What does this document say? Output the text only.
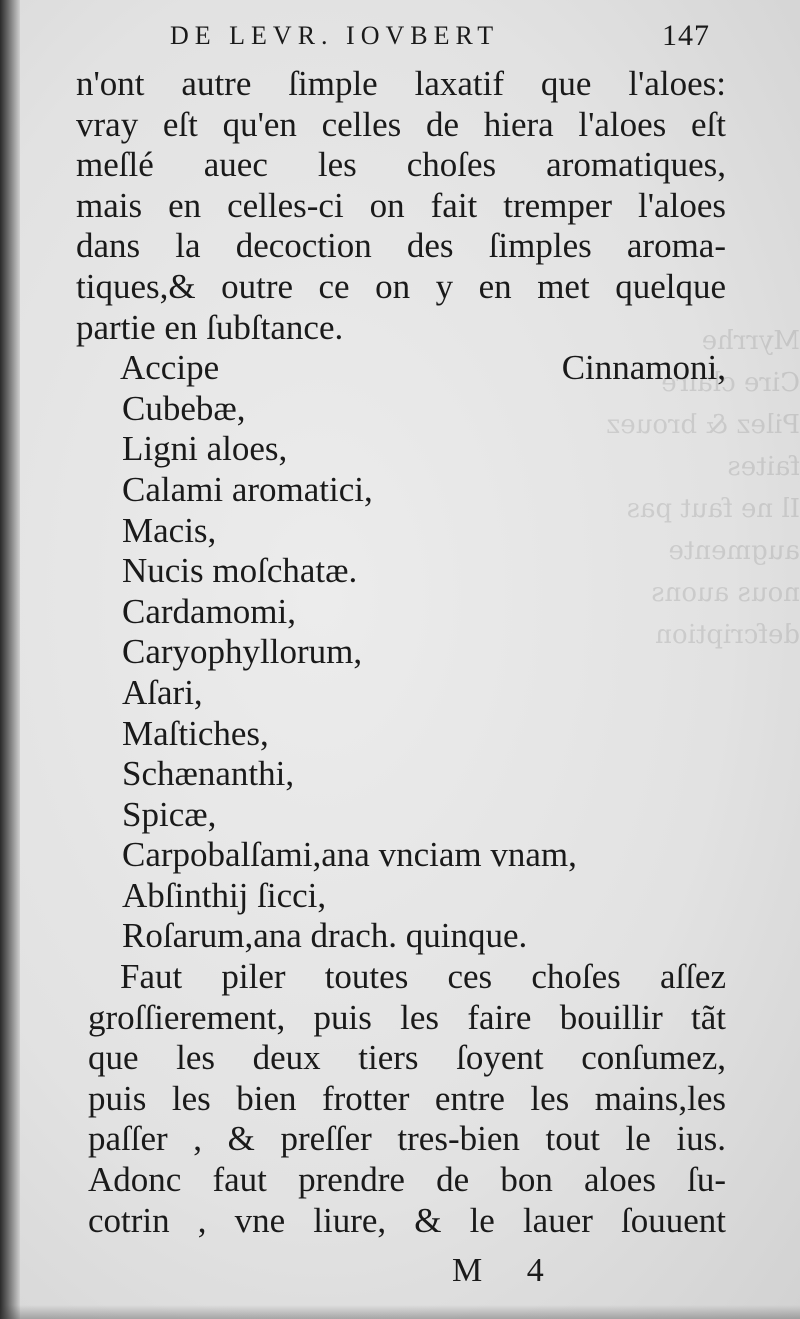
Myrrhe
Cire claire
Pilez & brouez
faites
Il ne faut pas
augmente
nous auons
defcription
DE LEVR. IOVBERT	147
n'ont autre ſimple laxatif que l'aloes:
vray eſt qu'en celles de hiera l'aloes eſt
meſlé auec les choſes aromatiques,
mais en celles-ci on fait tremper l'aloes
dans la decoction des ſimples aroma-
tiques,& outre ce on y en met quelque
partie en ſubſtance.
Accipe Cinnamoni,
Cubebæ,
Ligni aloes,
Calami aromatici,
Macis,
Nucis moſchatæ.
Cardamomi,
Caryophyllorum,
Aſari,
Maſtiches,
Schænanthi,
Spicæ,
Carpobalſami,ana vnciam vnam,
Abſinthij ſicci,
Roſarum,ana drach. quinque.
Faut piler toutes ces choſes aſſez
groſſierement, puis les faire bouillir tãt
que les deux tiers ſoyent conſumez,
puis les bien frotter entre les mains,les
paſſer , & preſſer tres-bien tout le ius.
Adonc faut prendre de bon aloes ſu-
cotrin , vne liure, & le lauer ſouuent
M 4
